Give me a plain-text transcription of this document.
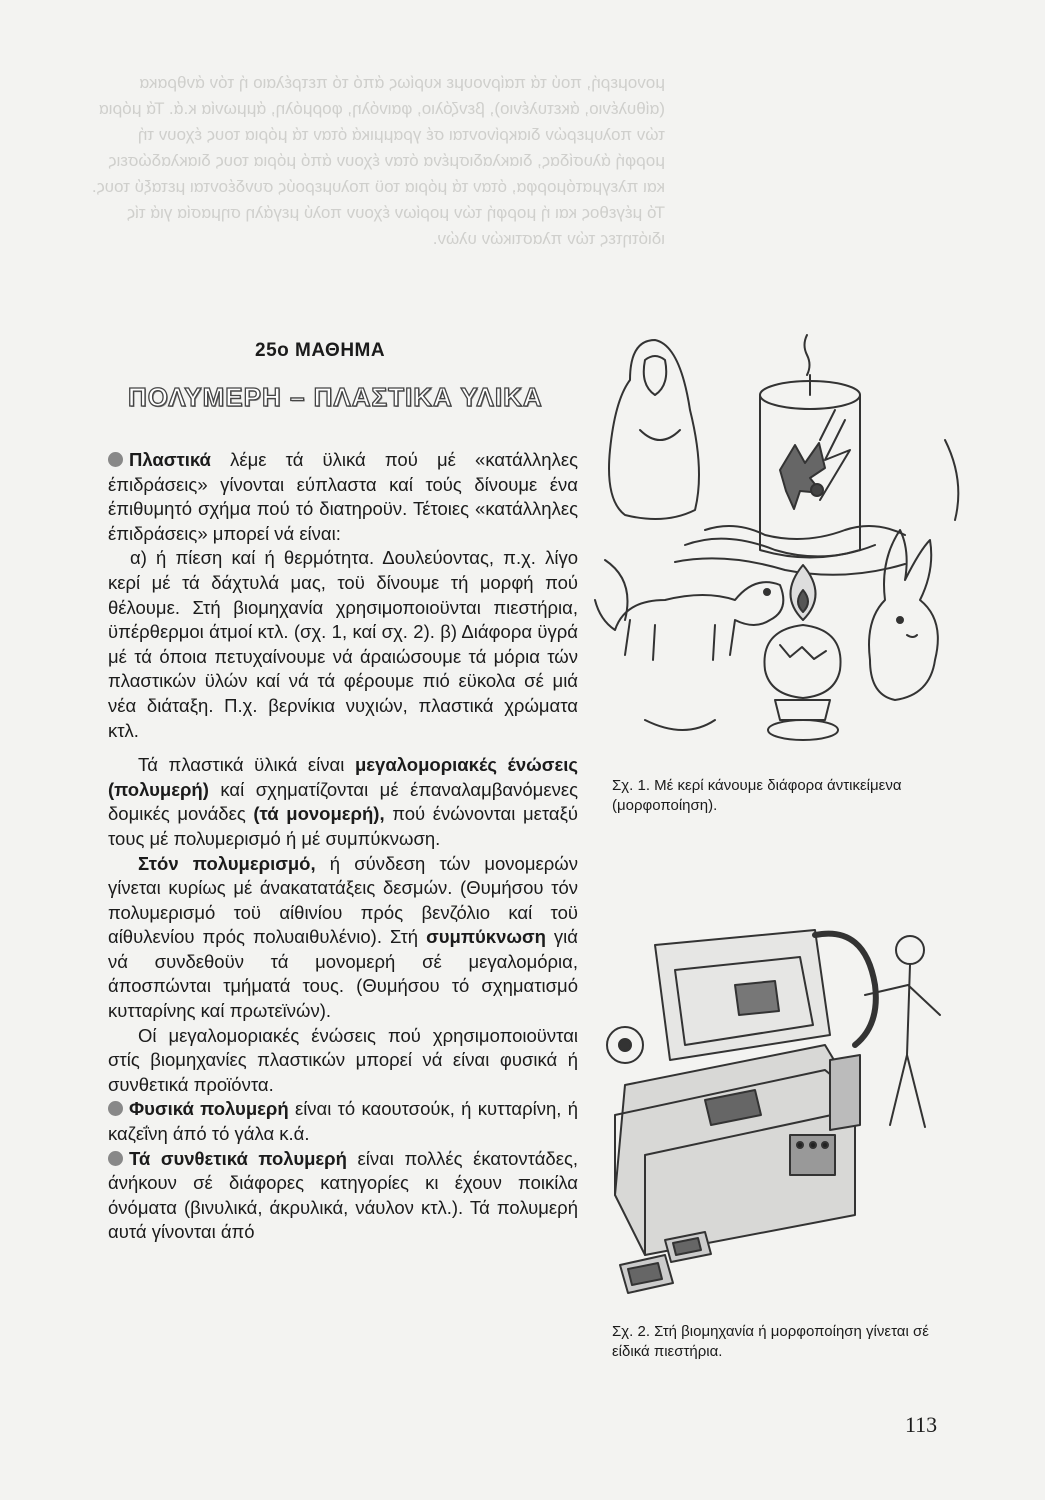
μονομερή, πού τά παίρνουμε κυρίως άπό τό πετρέλαιο ή τόν άνθρακα (αίθυλένιο, άκετυλένιο), βενζόλιο, φαινόλη, φορμόλη, άμμωνία κ.ά. Τά μόρια τών πολυμερών διακρίνονται σέ γραμμικά όταν τά μόρια τους έχουν τή μορφή άλυσίδας, διακλαδισμένα όταν έχουν άπό μόρια τους διακλαδώσεις και πλεγματόμορφα, όταν τά μόρια τοϋ πολυμερούς συνδέονται μεταξύ τους. Τό μέγεθος και ή μορφή τών μορίων έχουν πολύ μεγάλη σημασία γιά τίς ιδιότητες τών πλαστικών υλών.
25ο ΜΑΘΗΜΑ
ΠΟΛΥΜΕΡΗ – ΠΛΑΣΤΙΚΑ ΥΛΙΚΑ

Πλαστικά λέμε τά ϋλικά πού μέ «κατάλληλες έπιδράσεις» γίνονται εύπλαστα καί τούς δίνουμε ένα έπιθυμητό σχήμα πού τό διατηροϋν. Τέτοιες «κατάλληλες έπιδράσεις» μπορεί νά είναι:

α) ή πίεση καί ή θερμότητα. Δουλεύοντας, π.χ. λίγο κερί μέ τά δάχτυλά μας, τοϋ δίνουμε τή μορφή πού θέλουμε. Στή βιομηχανία χρησιμοποιοϋνται πιεστήρια, ϋπέρθερμοι άτμοί κτλ. (σχ. 1, καί σχ. 2). β) Διάφορα ϋγρά μέ τά όποια πετυχαίνουμε νά άραιώσουμε τά μόρια τών πλαστικών ϋλών καί νά τά φέρουμε πιό εϋκολα σέ μιά νέα διάταξη. Π.χ. βερνίκια νυχιών, πλαστικά χρώματα κτλ.

Τά πλαστικά ϋλικά είναι μεγαλομοριακές ένώσεις (πολυμερή) καί σχηματίζονται μέ έπαναλαμβανόμενες δομικές μονάδες (τά μονομερή), πού ένώνονται μεταξύ τους μέ πολυμερισμό ή μέ συμπύκνωση.

Στόν πολυμερισμό, ή σύνδεση τών μονομερών γίνεται κυρίως μέ άνακατατάξεις δεσμών. (Θυμήσου τόν πολυμερισμό τοϋ αίθινίου πρός βενζόλιο καί τοϋ αίθυλενίου πρός πολυαιθυλένιο). Στή συμπύκνωση γιά νά συνδεθοϋν τά μονομερή σέ μεγαλομόρια, άποσπώνται τμήματά τους. (Θυμήσου τό σχηματισμό κυτταρίνης καί πρωτεϊνών).

Οί μεγαλομοριακές ένώσεις πού χρησιμοποιοϋνται στίς βιομηχανίες πλαστικών μπορεί νά είναι φυσικά ή συνθετικά προϊόντα.

Φυσικά πολυμερή είναι τό καουτσούκ, ή κυτταρίνη, ή καζεΐνη άπό τό γάλα κ.ά.

Τά συνθετικά πολυμερή είναι πολλές έκατοντάδες, άνήκουν σέ διάφορες κατηγορίες κι έχουν ποικίλα όνόματα (βινυλικά, άκρυλικά, νάυλον κτλ.). Τά πολυμερή αυτά γίνονται άπό

Σχ. 1. Μέ κερί κάνουμε διάφορα άντικείμενα (μορφοποίηση).
Σχ. 2. Στή βιομηχανία ή μορφοποίηση γίνεται σέ είδικά πιεστήρια.
113
